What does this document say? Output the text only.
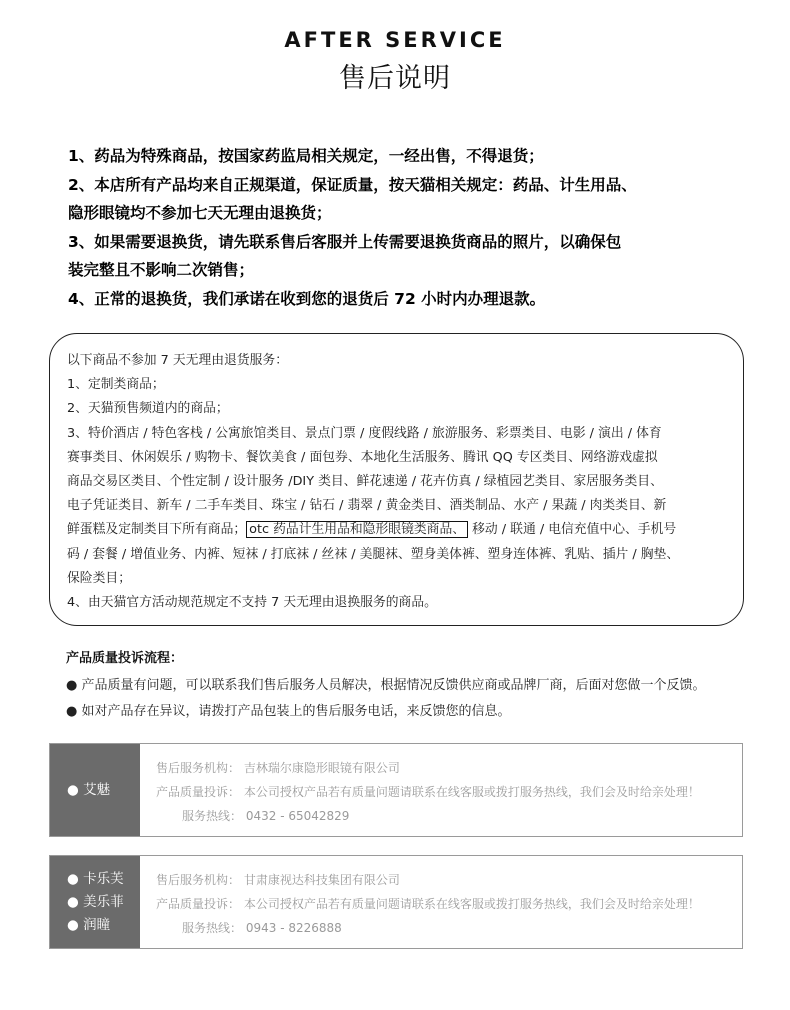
AFTER SERVICE
售后说明

1、药品为特殊商品，按国家药监局相关规定，一经出售，不得退货；

2、本店所有产品均来自正规渠道，保证质量，按天猫相关规定：药品、计生用品、

隐形眼镜均不参加七天无理由退换货；

3、如果需要退换货，请先联系售后客服并上传需要退换货商品的照片，以确保包

装完整且不影响二次销售；

4、正常的退换货，我们承诺在收到您的退货后 72 小时内办理退款。

以下商品不参加 7 天无理由退货服务：

1、定制类商品；

2、天猫预售频道内的商品；

3、特价酒店 / 特色客栈 / 公寓旅馆类目、景点门票 / 度假线路 / 旅游服务、彩票类目、电影 / 演出 / 体育

赛事类目、休闲娱乐 / 购物卡、餐饮美食 / 面包券、本地化生活服务、腾讯 QQ 专区类目、网络游戏虚拟

商品交易区类目、个性定制 / 设计服务 /DIY 类目、鲜花速递 / 花卉仿真 / 绿植园艺类目、家居服务类目、

电子凭证类目、新车 / 二手车类目、珠宝 / 钻石 / 翡翠 / 黄金类目、酒类制品、水产 / 果蔬 / 肉类类目、新

鲜蛋糕及定制类目下所有商品； otc 药品计生用品和隐形眼镜类商品、 移动 / 联通 / 电信充值中心、手机号

码 / 套餐 / 增值业务、内裤、短袜 / 打底袜 / 丝袜 / 美腿袜、塑身美体裤、塑身连体裤、乳贴、插片 / 胸垫、

保险类目；

4、由天猫官方活动规范规定不支持 7 天无理由退换服务的商品。

产品质量投诉流程：

● 产品质量有问题，可以联系我们售后服务人员解决，根据情况反馈供应商或品牌厂商，后面对您做一个反馈。

● 如对产品存在异议，请拨打产品包装上的售后服务电话，来反馈您的信息。

● 艾魅
售后服务机构： 吉林瑞尔康隐形眼镜有限公司
产品质量投诉： 本公司授权产品若有质量问题请联系在线客服或拨打服务热线，我们会及时给亲处理！
服务热线： 0432 - 65042829
● 卡乐芙
● 美乐菲
● 润瞳
售后服务机构： 甘肃康视达科技集团有限公司
产品质量投诉： 本公司授权产品若有质量问题请联系在线客服或拨打服务热线，我们会及时给亲处理！
服务热线： 0943 - 8226888
